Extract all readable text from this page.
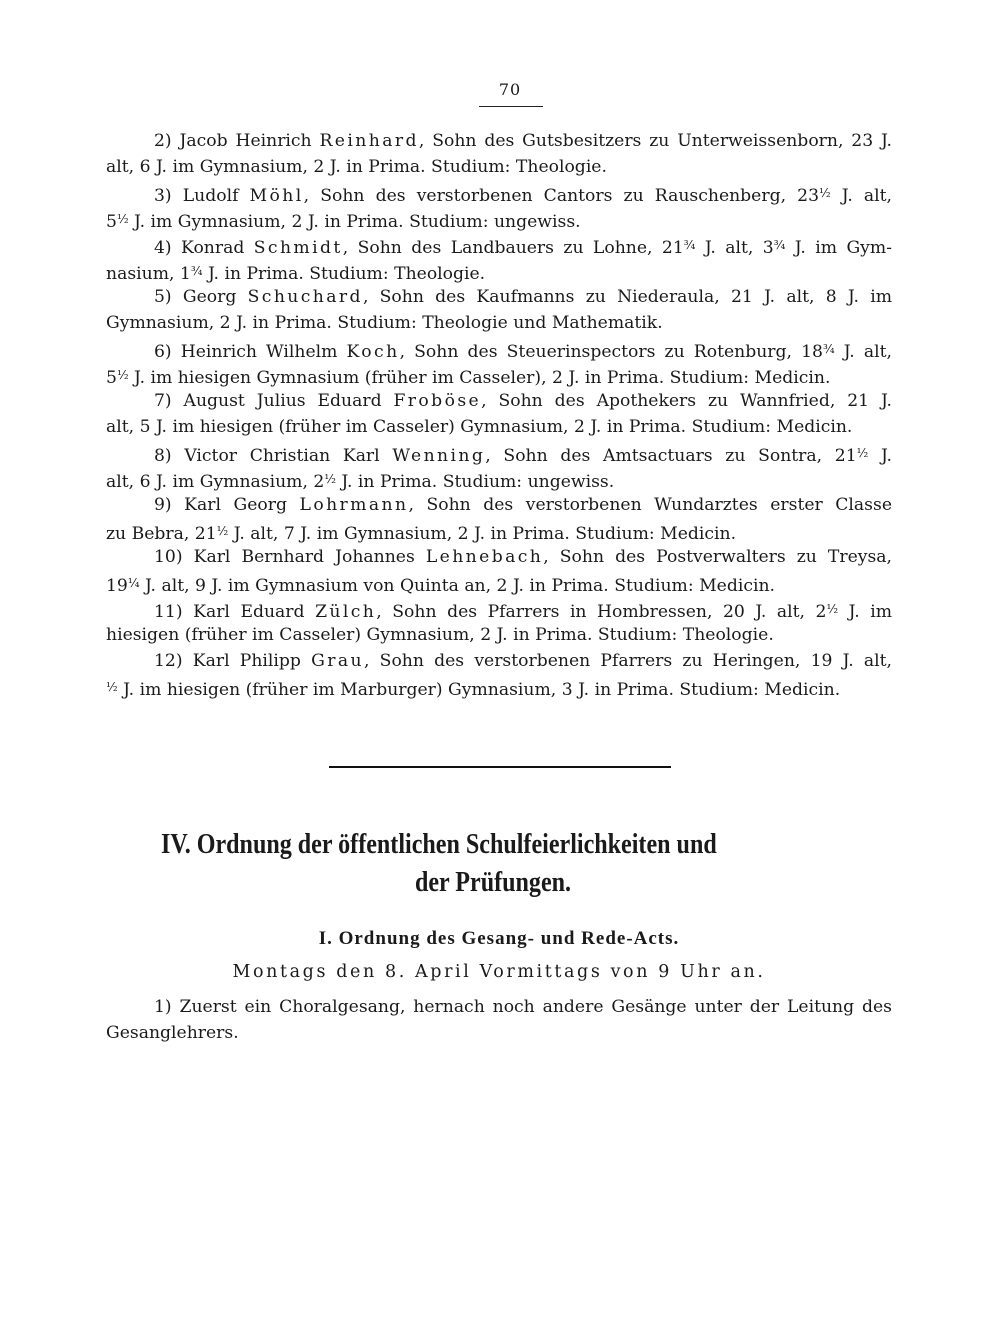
70
2) Jacob Heinrich Reinhard, Sohn des Gutsbesitzers zu Unterweissenborn, 23 J.
alt, 6 J. im Gymnasium, 2 J. in Prima. Studium: Theologie.
3) Ludolf Möhl, Sohn des verstorbenen Cantors zu Rauschenberg, $23^{\frac{1}{2}}$ J. alt,
$5^{\frac{1}{2}}$ J. im Gymnasium, 2 J. in Prima. Studium: ungewiss.
4) Konrad Schmidt, Sohn des Landbauers zu Lohne, $21^{\frac{3}{4}}$ J. alt, $3^{\frac{3}{4}}$ J. im Gym-
nasium, $1^{\frac{3}{4}}$ J. in Prima. Studium: Theologie.
5) Georg Schuchard, Sohn des Kaufmanns zu Niederaula, 21 J. alt, 8 J. im
Gymnasium, 2 J. in Prima. Studium: Theologie und Mathematik.
6) Heinrich Wilhelm Koch, Sohn des Steuerinspectors zu Rotenburg, $18^{\frac{3}{4}}$ J. alt,
$5^{\frac{1}{2}}$ J. im hiesigen Gymnasium (früher im Casseler), 2 J. in Prima. Studium: Medicin.
7) August Julius Eduard Froböse, Sohn des Apothekers zu Wannfried, 21 J.
alt, 5 J. im hiesigen (früher im Casseler) Gymnasium, 2 J. in Prima. Studium: Medicin.
8) Victor Christian Karl Wenning, Sohn des Amtsactuars zu Sontra, $21^{\frac{1}{2}}$ J.
alt, 6 J. im Gymnasium, $2^{\frac{1}{2}}$ J. in Prima. Studium: ungewiss.
9) Karl Georg Lohrmann, Sohn des verstorbenen Wundarztes erster Classe
zu Bebra, $21^{\frac{1}{2}}$ J. alt, 7 J. im Gymnasium, 2 J. in Prima. Studium: Medicin.
10) Karl Bernhard Johannes Lehnebach, Sohn des Postverwalters zu Treysa,
$19^{\frac{1}{4}}$ J. alt, 9 J. im Gymnasium von Quinta an, 2 J. in Prima. Studium: Medicin.
11) Karl Eduard Zülch, Sohn des Pfarrers in Hombressen, 20 J. alt, $2^{\frac{1}{2}}$ J. im
hiesigen (früher im Casseler) Gymnasium, 2 J. in Prima. Studium: Theologie.
12) Karl Philipp Grau, Sohn des verstorbenen Pfarrers zu Heringen, 19 J. alt,
$^{\frac{1}{2}}$ J. im hiesigen (früher im Marburger) Gymnasium, 3 J. in Prima. Studium: Medicin.
IV. Ordnung der öffentlichen Schulfeierlichkeiten und
der Prüfungen.
I. Ordnung des Gesang- und Rede-Acts.
Montags den 8. April Vormittags von 9 Uhr an.
1) Zuerst ein Choralgesang, hernach noch andere Gesänge unter der Leitung des
Gesanglehrers.
